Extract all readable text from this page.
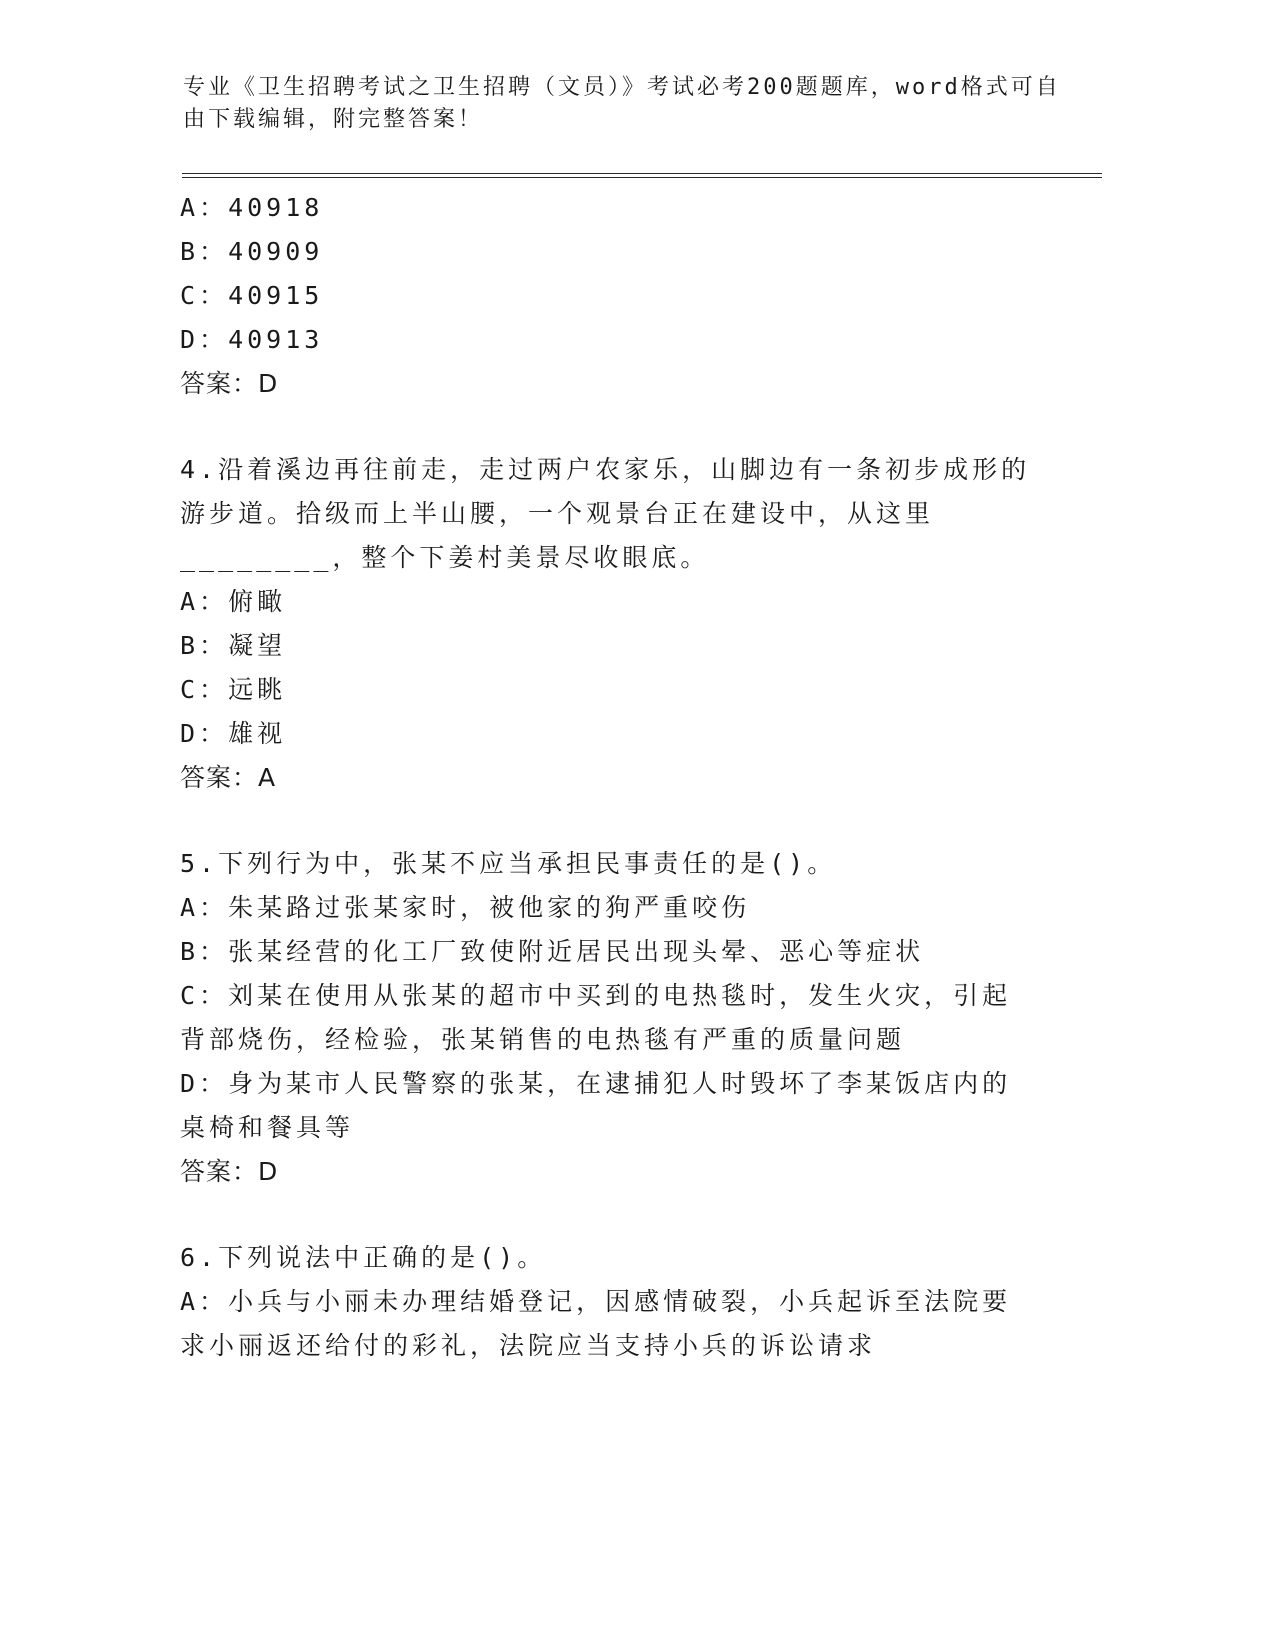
专业《卫生招聘考试之卫生招聘（文员）》考试必考200题题库，word格式可自由下载编辑，附完整答案！
A：40918
B：40909
C：40915
D：40913
答案：D
4.沿着溪边再往前走，走过两户农家乐，山脚边有一条初步成形的游步道。拾级而上半山腰，一个观景台正在建设中，从这里________，整个下姜村美景尽收眼底。
A：俯瞰
B：凝望
C：远眺
D：雄视
答案：A
5.下列行为中，张某不应当承担民事责任的是()。
A：朱某路过张某家时，被他家的狗严重咬伤
B：张某经营的化工厂致使附近居民出现头晕、恶心等症状
C：刘某在使用从张某的超市中买到的电热毯时，发生火灾，引起背部烧伤，经检验，张某销售的电热毯有严重的质量问题
D：身为某市人民警察的张某，在逮捕犯人时毁坏了李某饭店内的桌椅和餐具等
答案：D
6.下列说法中正确的是()。
A：小兵与小丽未办理结婚登记，因感情破裂，小兵起诉至法院要求小丽返还给付的彩礼，法院应当支持小兵的诉讼请求
